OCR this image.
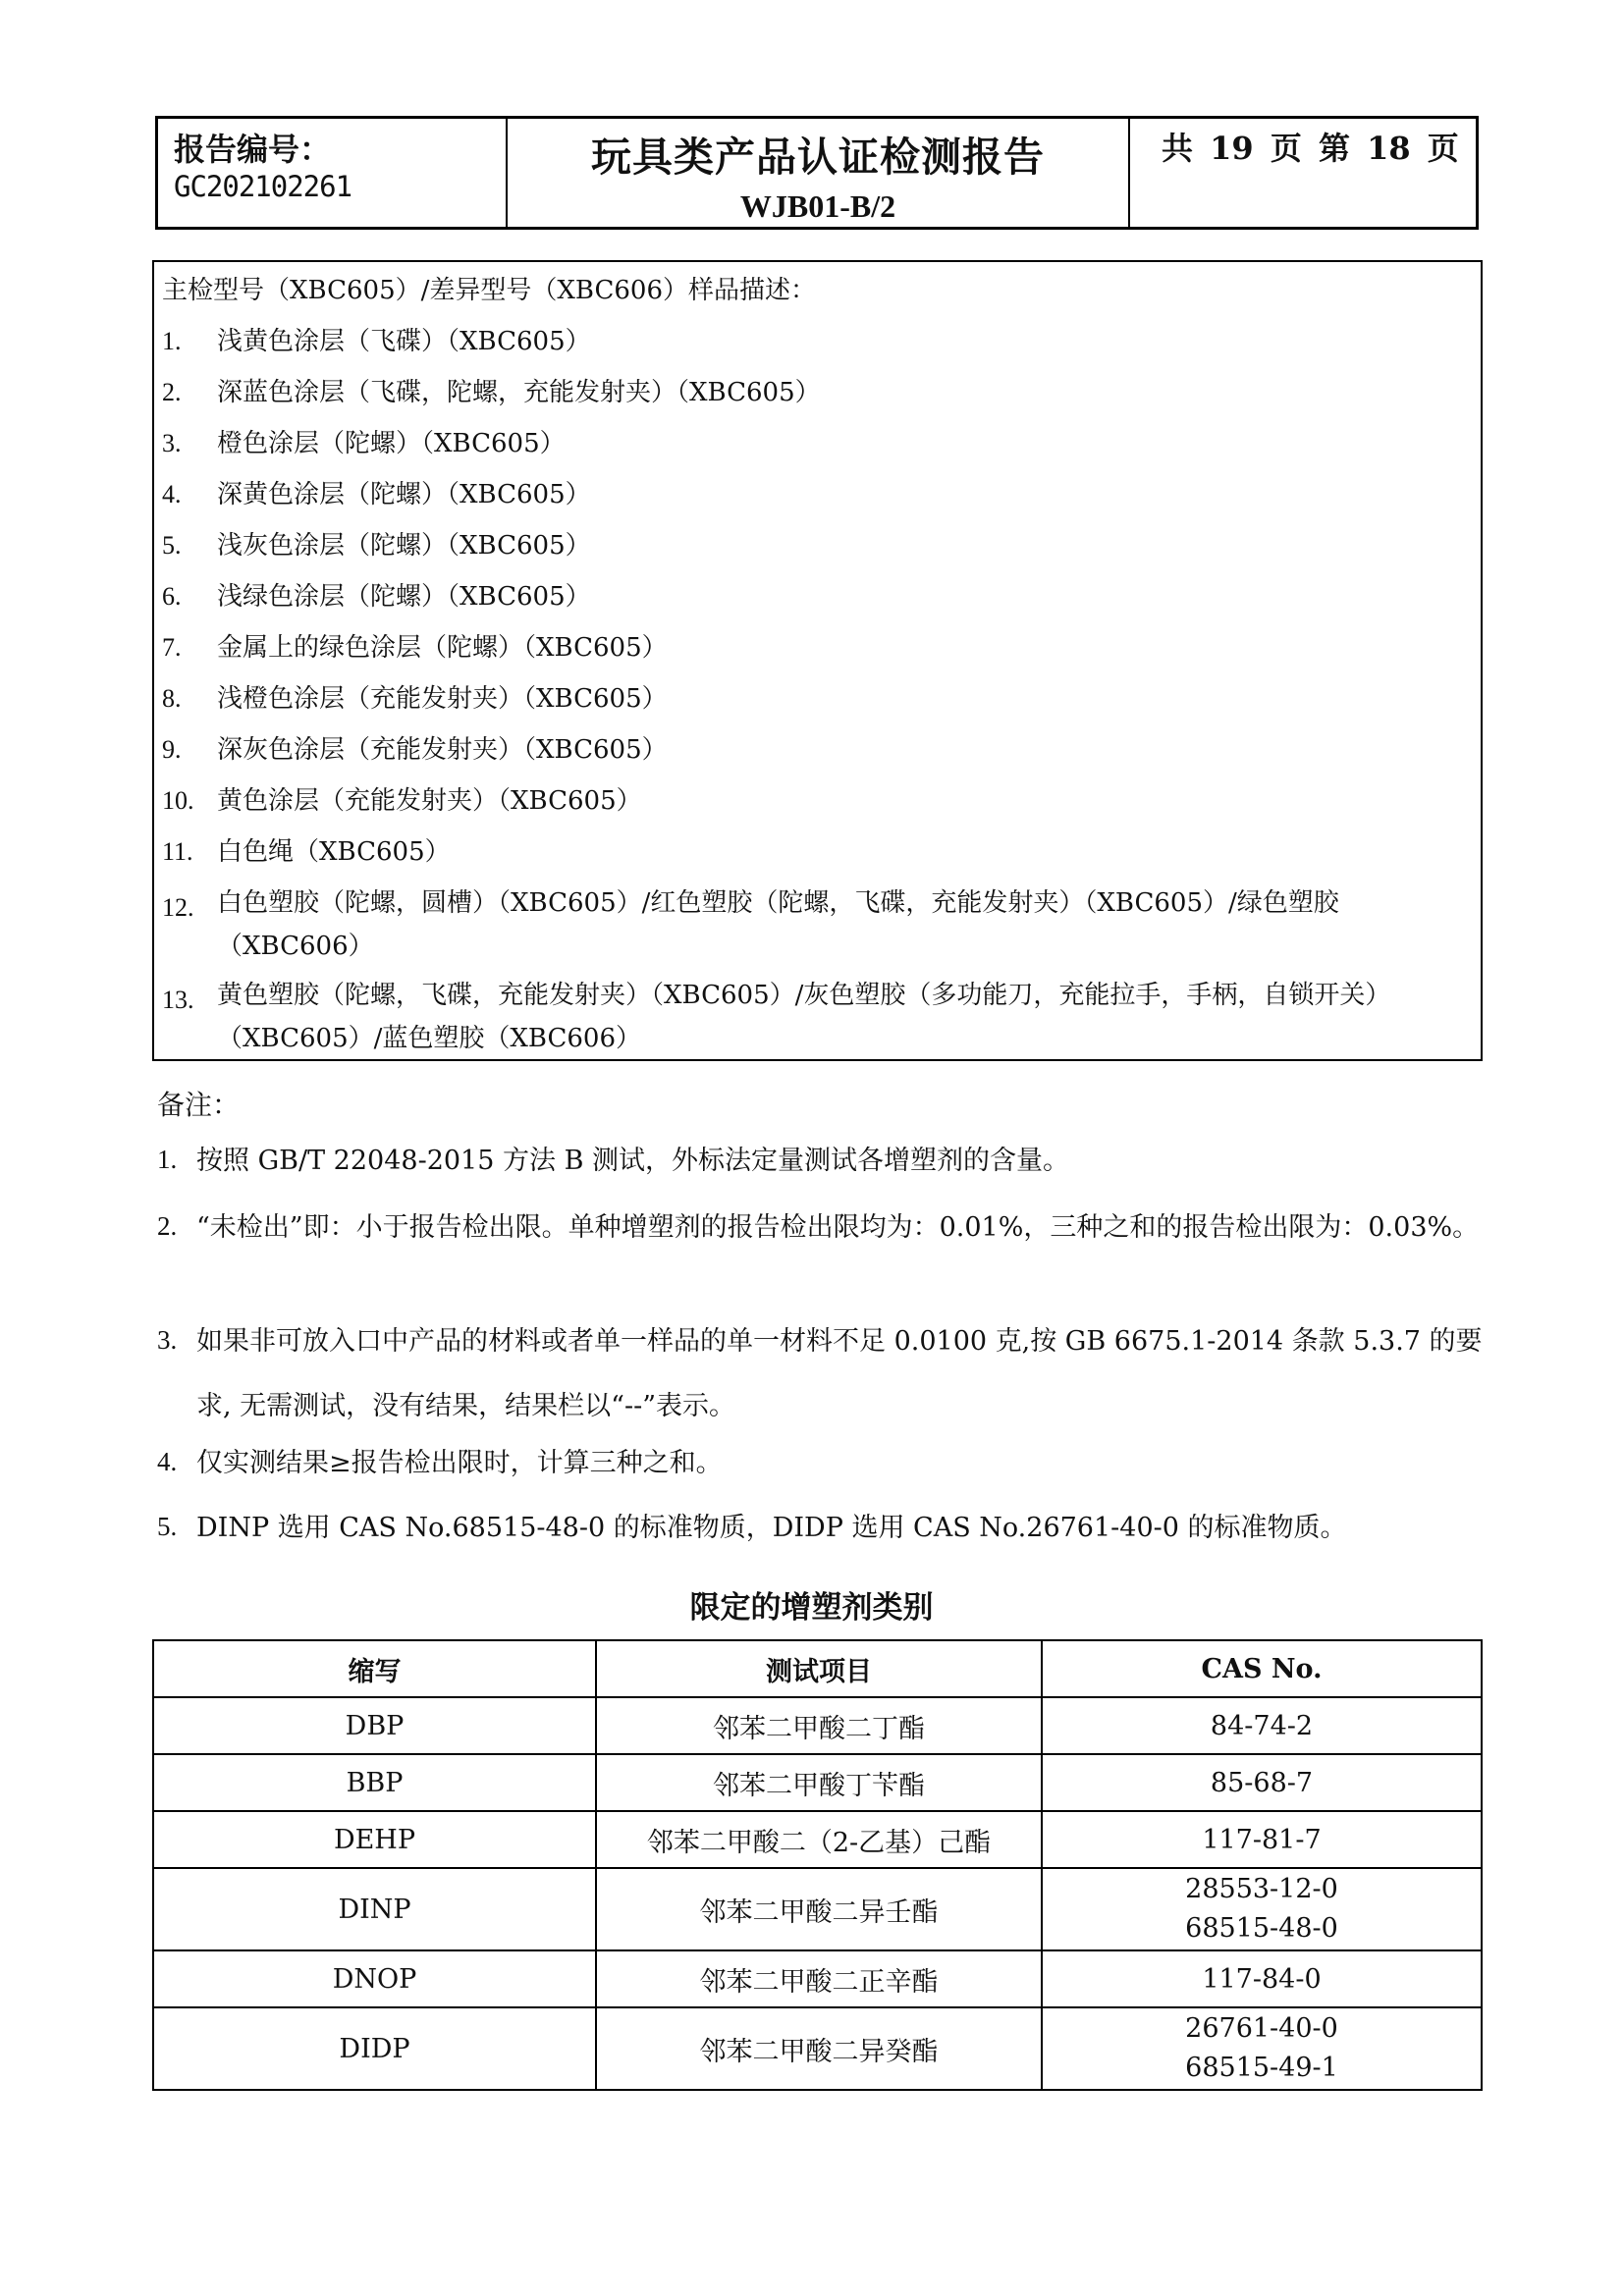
报告编号：
GC202102261
玩具类产品认证检测报告
WJB01-B/2
共 19 页 第 18 页
主检型号（XBC605）/差异型号（XBC606）样品描述：
1.	浅黄色涂层（飞碟）（XBC605）
2.	深蓝色涂层（飞碟，陀螺，充能发射夹）（XBC605）
3.	橙色涂层（陀螺）（XBC605）
4.	深黄色涂层（陀螺）（XBC605）
5.	浅灰色涂层（陀螺）（XBC605）
6.	浅绿色涂层（陀螺）（XBC605）
7.	金属上的绿色涂层（陀螺）（XBC605）
8.	浅橙色涂层（充能发射夹）（XBC605）
9.	深灰色涂层（充能发射夹）（XBC605）
10. 黄色涂层（充能发射夹）（XBC605）
11. 白色绳（XBC605）
12. 白色塑胶（陀螺，圆槽）（XBC605）/红色塑胶（陀螺，飞碟，充能发射夹）（XBC605）/绿色塑胶（XBC606）
13. 黄色塑胶（陀螺，飞碟，充能发射夹）（XBC605）/灰色塑胶（多功能刀，充能拉手，手柄，自锁开关）（XBC605）/蓝色塑胶（XBC606）
备注：
1. 按照 GB/T 22048-2015 方法 B 测试，外标法定量测试各增塑剂的含量。
2. “未检出”即：小于报告检出限。单种增塑剂的报告检出限均为：0.01%，三种之和的报告检出限为：0.03%。
3. 如果非可放入口中产品的材料或者单一样品的单一材料不足 0.0100 克,按 GB 6675.1-2014 条款 5.3.7 的要求, 无需测试，没有结果，结果栏以“--”表示。
4. 仅实测结果≥报告检出限时，计算三种之和。
5. DINP 选用 CAS No.68515-48-0 的标准物质，DIDP 选用 CAS No.26761-40-0 的标准物质。
限定的增塑剂类别
缩写	测试项目	CAS No.
DBP	邻苯二甲酸二丁酯	84-74-2
BBP	邻苯二甲酸丁苄酯	85-68-7
DEHP	邻苯二甲酸二（2-乙基）己酯	117-81-7
DINP	邻苯二甲酸二异壬酯	28553-12-0
68515-48-0

DNOP	邻苯二甲酸二正辛酯	117-84-0
DIDP	邻苯二甲酸二异癸酯	26761-40-0
68515-49-1
